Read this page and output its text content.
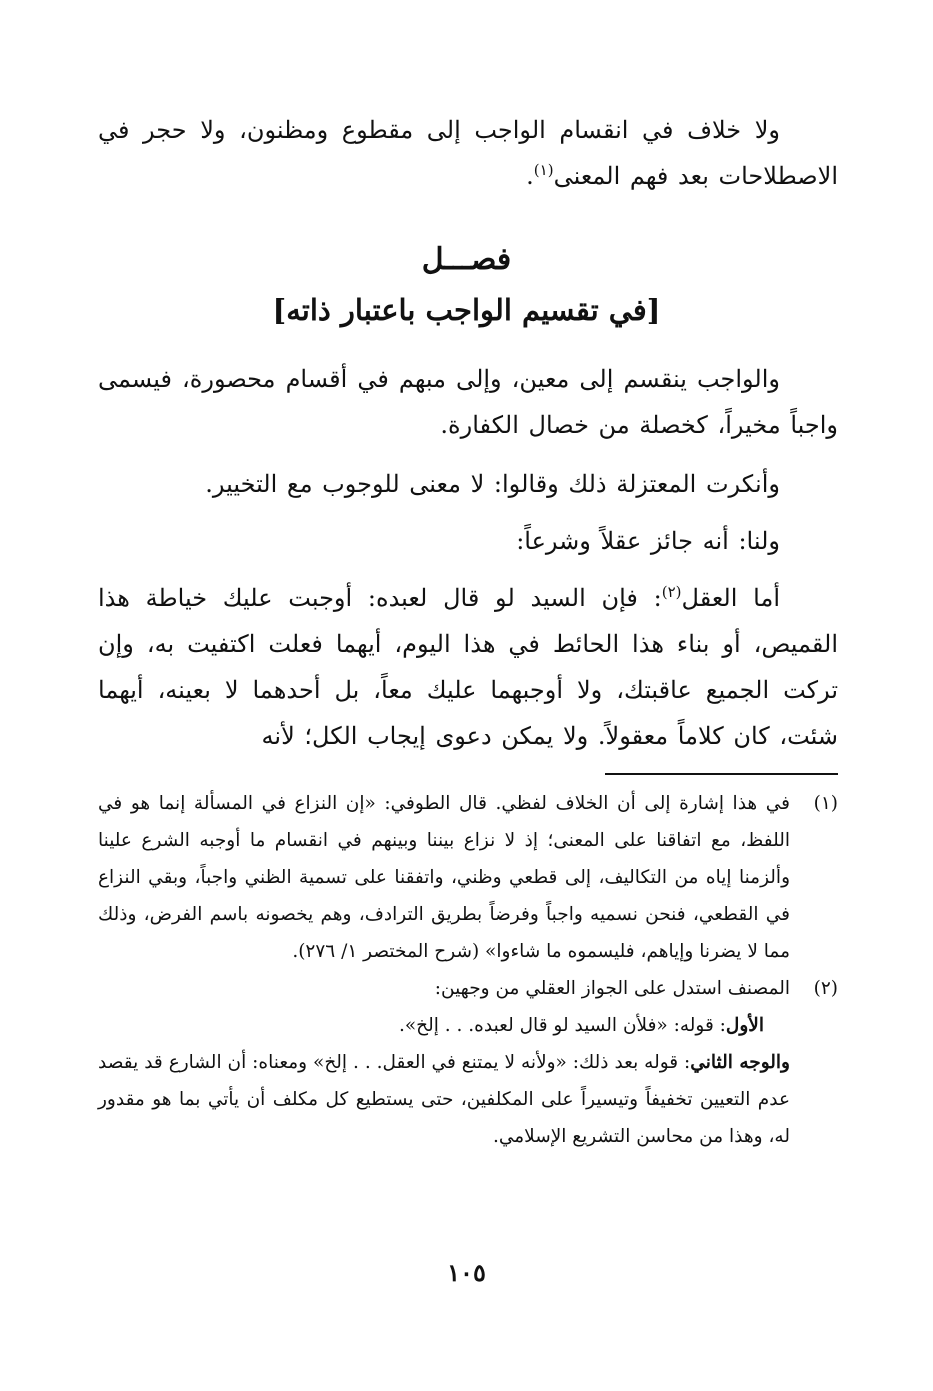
ولا خلاف في انقسام الواجب إلى مقطوع ومظنون، ولا حجر في الاصطلاحات بعد فهم المعنى$^{(١)}$.

فصـــل
[في تقسيم الواجب باعتبار ذاته]

والواجب ينقسم إلى معين، وإلى مبهم في أقسام محصورة، فيسمى واجباً مخيراً، كخصلة من خصال الكفارة.

وأنكرت المعتزلة ذلك وقالوا: لا معنى للوجوب مع التخيير.

ولنا: أنه جائز عقلاً وشرعاً:

أما العقل$^{(٢)}$: فإن السيد لو قال لعبده: أوجبت عليك خياطة هذا القميص، أو بناء هذا الحائط في هذا اليوم، أيهما فعلت اكتفيت به، وإن تركت الجميع عاقبتك، ولا أوجبهما عليك معاً، بل أحدهما لا بعينه، أيهما شئت، كان كلاماً معقولاً. ولا يمكن دعوى إيجاب الكل؛ لأنه

(١)
في هذا إشارة إلى أن الخلاف لفظي. قال الطوفي: «إن النزاع في المسألة إنما هو في اللفظ، مع اتفاقنا على المعنى؛ إذ لا نزاع بيننا وبينهم في انقسام ما أوجبه الشرع علينا وألزمنا إياه من التكاليف، إلى قطعي وظني، واتفقنا على تسمية الظني واجباً، وبقي النزاع في القطعي، فنحن نسميه واجباً وفرضاً بطريق الترادف، وهم يخصونه باسم الفرض، وذلك مما لا يضرنا وإياهم، فليسموه ما شاءوا» (شرح المختصر ١/ ٢٧٦).
(٢)
المصنف استدل على الجواز العقلي من وجهين:

الأول: قوله: «فلأن السيد لو قال لعبده. . . إلخ».

والوجه الثاني: قوله بعد ذلك: «ولأنه لا يمتنع في العقل. . . إلخ» ومعناه: أن الشارع قد يقصد عدم التعيين تخفيفاً وتيسيراً على المكلفين، حتى يستطيع كل مكلف أن يأتي بما هو مقدور له، وهذا من محاسن التشريع الإسلامي.

١٠٥
